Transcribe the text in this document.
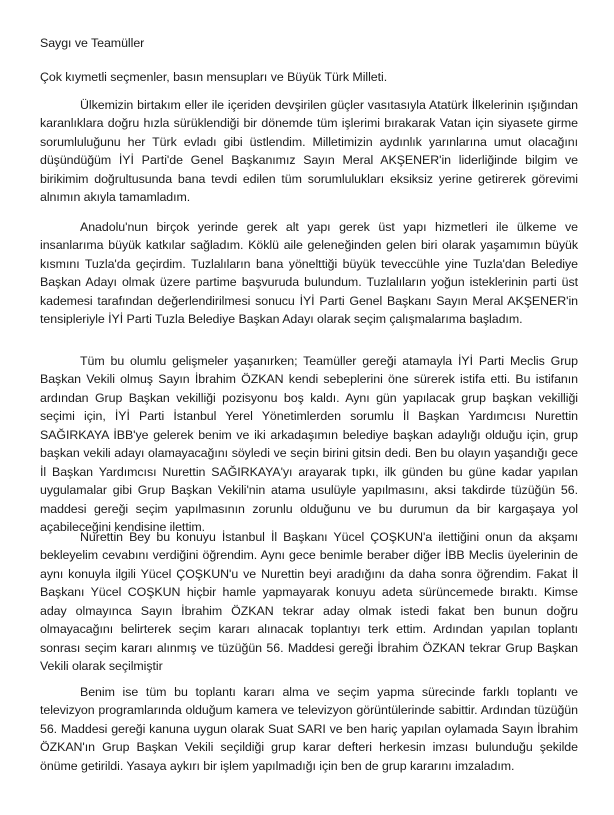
Saygı ve Teamüller

Çok kıymetli seçmenler, basın mensupları ve Büyük Türk Milleti.

Ülkemizin birtakım eller ile içeriden devşirilen güçler vasıtasıyla Atatürk İlkelerinin ışığından karanlıklara doğru hızla sürüklendiği bir dönemde tüm işlerimi bırakarak Vatan için siyasete girme sorumluluğunu her Türk evladı gibi üstlendim. Milletimizin aydınlık yarınlarına umut olacağını düşündüğüm İYİ Parti'de Genel Başkanımız Sayın Meral AKŞENER'in liderliğinde bilgim ve birikimim doğrultusunda bana tevdi edilen tüm sorumlulukları eksiksiz yerine getirerek görevimi alnımın akıyla tamamladım.

Anadolu'nun birçok yerinde gerek alt yapı gerek üst yapı hizmetleri ile ülkeme ve insanlarıma büyük katkılar sağladım. Köklü aile geleneğinden gelen biri olarak yaşamımın büyük kısmını Tuzla'da geçirdim. Tuzlalıların bana yönelttiği büyük teveccühle yine Tuzla'dan Belediye Başkan Adayı olmak üzere partime başvuruda bulundum. Tuzlalıların yoğun isteklerinin parti üst kademesi tarafından değerlendirilmesi sonucu İYİ Parti Genel Başkanı Sayın Meral AKŞENER'in tensipleriyle İYİ Parti Tuzla Belediye Başkan Adayı olarak seçim çalışmalarıma başladım.

Tüm bu olumlu gelişmeler yaşanırken; Teamüller gereği atamayla İYİ Parti Meclis Grup Başkan Vekili olmuş Sayın İbrahim ÖZKAN kendi sebeplerini öne sürerek istifa etti. Bu istifanın ardından Grup Başkan vekilliği pozisyonu boş kaldı. Aynı gün yapılacak grup başkan vekilliği seçimi için, İYİ Parti İstanbul Yerel Yönetimlerden sorumlu İl Başkan Yardımcısı Nurettin SAĞIRKAYA İBB'ye gelerek benim ve iki arkadaşımın belediye başkan adaylığı olduğu için, grup başkan vekili adayı olamayacağını söyledi ve seçin birini gitsin dedi. Ben bu olayın yaşandığı gece İl Başkan Yardımcısı Nurettin SAĞIRKAYA'yı arayarak tıpkı, ilk günden bu güne kadar yapılan uygulamalar gibi Grup Başkan Vekili'nin atama usulüyle yapılmasını, aksi takdirde tüzüğün 56. maddesi gereği seçim yapılmasının zorunlu olduğunu ve bu durumun da bir kargaşaya yol açabileceğini kendisine ilettim.

Nurettin Bey bu konuyu İstanbul İl Başkanı Yücel ÇOŞKUN'a ilettiğini onun da akşamı bekleyelim cevabını verdiğini öğrendim. Aynı gece benimle beraber diğer İBB Meclis üyelerinin de aynı konuyla ilgili Yücel ÇOŞKUN'u ve Nurettin beyi aradığını da daha sonra öğrendim. Fakat İl Başkanı Yücel COŞKUN hiçbir hamle yapmayarak konuyu adeta sürüncemede bıraktı. Kimse aday olmayınca Sayın İbrahim ÖZKAN tekrar aday olmak istedi fakat ben bunun doğru olmayacağını belirterek seçim kararı alınacak toplantıyı terk ettim. Ardından yapılan toplantı sonrası seçim kararı alınmış ve tüzüğün 56. Maddesi gereği İbrahim ÖZKAN tekrar Grup Başkan Vekili olarak seçilmiştir

Benim ise tüm bu toplantı kararı alma ve seçim yapma sürecinde farklı toplantı ve televizyon programlarında olduğum kamera ve televizyon görüntülerinde sabittir. Ardından tüzüğün 56. Maddesi gereği kanuna uygun olarak Suat SARI ve ben hariç yapılan oylamada Sayın İbrahim ÖZKAN'ın Grup Başkan Vekili seçildiği grup karar defteri herkesin imzası bulunduğu şekilde önüme getirildi. Yasaya aykırı bir işlem yapılmadığı için ben de grup kararını imzaladım.
